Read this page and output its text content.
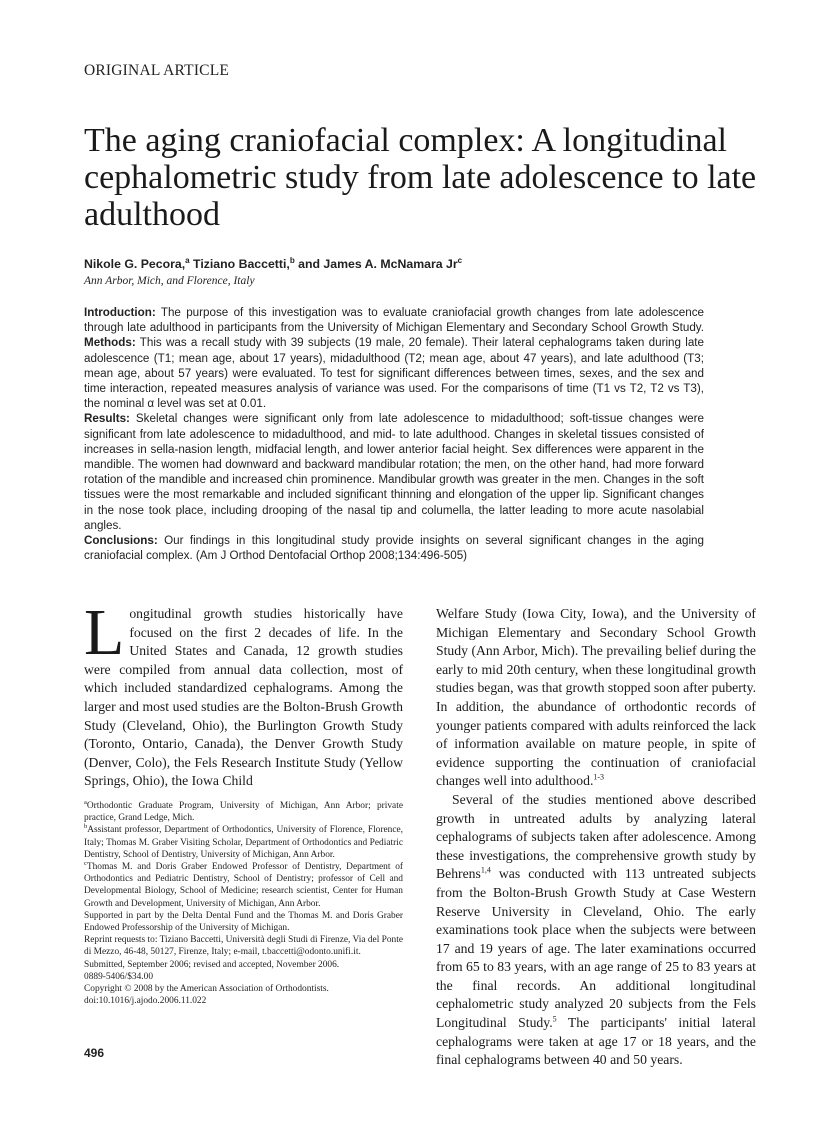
ORIGINAL ARTICLE
The aging craniofacial complex: A longitudinal cephalometric study from late adolescence to late adulthood
Nikole G. Pecora,$^a$ Tiziano Baccetti,$^b$ and James A. McNamara Jr$^c$
Ann Arbor, Mich, and Florence, Italy

Introduction: The purpose of this investigation was to evaluate craniofacial growth changes from late adolescence through late adulthood in participants from the University of Michigan Elementary and Secondary School Growth Study. Methods: This was a recall study with 39 subjects (19 male, 20 female). Their lateral cephalograms taken during late adolescence (T1; mean age, about 17 years), midadulthood (T2; mean age, about 47 years), and late adulthood (T3; mean age, about 57 years) were evaluated. To test for significant differences between times, sexes, and the sex and time interaction, repeated measures analysis of variance was used. For the comparisons of time (T1 vs T2, T2 vs T3), the nominal α level was set at 0.01.
Results: Skeletal changes were significant only from late adolescence to midadulthood; soft-tissue changes were significant from late adolescence to midadulthood, and mid- to late adulthood. Changes in skeletal tissues consisted of increases in sella-nasion length, midfacial length, and lower anterior facial height. Sex differences were apparent in the mandible. The women had downward and backward mandibular rotation; the men, on the other hand, had more forward rotation of the mandible and increased chin prominence. Mandibular growth was greater in the men. Changes in the soft tissues were the most remarkable and included significant thinning and elongation of the upper lip. Significant changes in the nose took place, including drooping of the nasal tip and columella, the latter leading to more acute nasolabial angles.
Conclusions: Our findings in this longitudinal study provide insights on several significant changes in the aging craniofacial complex. (Am J Orthod Dentofacial Orthop 2008;134:496-505)

Longitudinal growth studies historically have focused on the first 2 decades of life. In the United States and Canada, 12 growth studies were compiled from annual data collection, most of which included standardized cephalograms. Among the larger and most used studies are the Bolton-Brush Growth Study (Cleveland, Ohio), the Burlington Growth Study (Toronto, Ontario, Canada), the Denver Growth Study (Denver, Colo), the Fels Research Institute Study (Yellow Springs, Ohio), the Iowa Child

$^a$Orthodontic Graduate Program, University of Michigan, Ann Arbor; private practice, Grand Ledge, Mich.

$^b$Assistant professor, Department of Orthodontics, University of Florence, Florence, Italy; Thomas M. Graber Visiting Scholar, Department of Orthodontics and Pediatric Dentistry, School of Dentistry, University of Michigan, Ann Arbor.

$^c$Thomas M. and Doris Graber Endowed Professor of Dentistry, Department of Orthodontics and Pediatric Dentistry, School of Dentistry; professor of Cell and Developmental Biology, School of Medicine; research scientist, Center for Human Growth and Development, University of Michigan, Ann Arbor.

Supported in part by the Delta Dental Fund and the Thomas M. and Doris Graber Endowed Professorship of the University of Michigan.

Reprint requests to: Tiziano Baccetti, Università degli Studi di Firenze, Via del Ponte di Mezzo, 46-48, 50127, Firenze, Italy; e-mail, t.baccetti@odonto.unifi.it.

Submitted, September 2006; revised and accepted, November 2006.

0889-5406/$34.00

Copyright © 2008 by the American Association of Orthodontists.

doi:10.1016/j.ajodo.2006.11.022

Welfare Study (Iowa City, Iowa), and the University of Michigan Elementary and Secondary School Growth Study (Ann Arbor, Mich). The prevailing belief during the early to mid 20th century, when these longitudinal growth studies began, was that growth stopped soon after puberty. In addition, the abundance of orthodontic records of younger patients compared with adults reinforced the lack of information available on mature people, in spite of evidence supporting the continuation of craniofacial changes well into adulthood.$^{1-3}$

Several of the studies mentioned above described growth in untreated adults by analyzing lateral cephalograms of subjects taken after adolescence. Among these investigations, the comprehensive growth study by Behrens$^{1,4}$ was conducted with 113 untreated subjects from the Bolton-Brush Growth Study at Case Western Reserve University in Cleveland, Ohio. The early examinations took place when the subjects were between 17 and 19 years of age. The later examinations occurred from 65 to 83 years, with an age range of 25 to 83 years at the final records. An additional longitudinal cephalometric study analyzed 20 subjects from the Fels Longitudinal Study.$^5$ The participants' initial lateral cephalograms were taken at age 17 or 18 years, and the final cephalograms between 40 and 50 years.

496
